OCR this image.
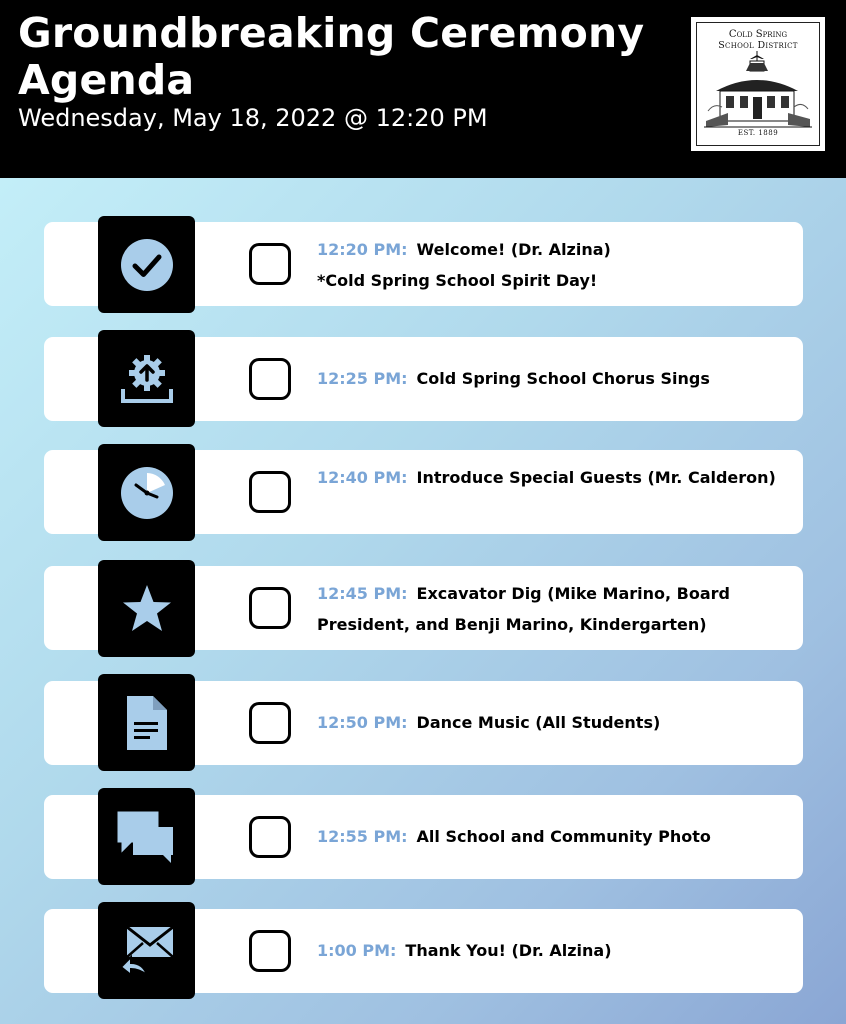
Groundbreaking Ceremony Agenda
Wednesday, May 18, 2022 @ 12:20 PM
Cold Spring
School District
EST. 1889
12:20 PM: Welcome! (Dr. Alzina)
*Cold Spring School Spirit Day!
12:25 PM: Cold Spring School Chorus Sings
12:40 PM: Introduce Special Guests (Mr. Calderon)
12:45 PM: Excavator Dig (Mike Marino, Board President, and Benji Marino, Kindergarten)
12:50 PM: Dance Music (All Students)
12:55 PM: All School and Community Photo
1:00 PM: Thank You! (Dr. Alzina)
